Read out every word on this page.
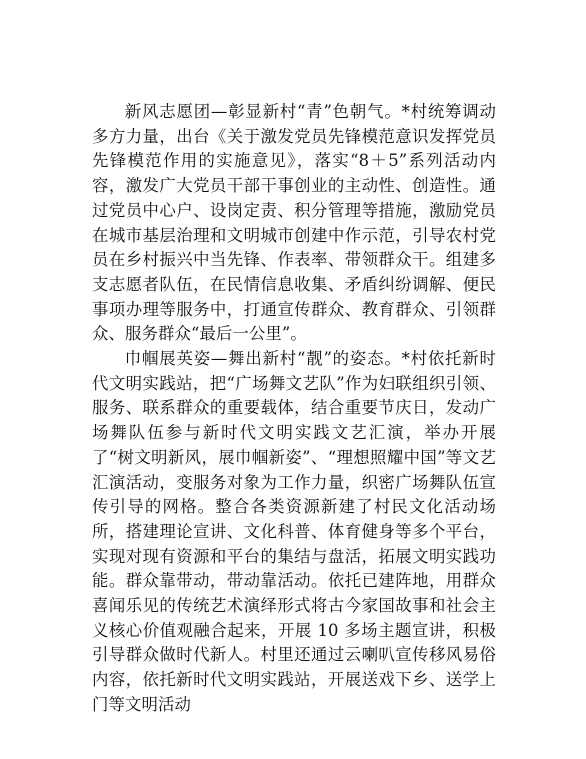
新风志愿团—彰显新村“青”色朝气。*村统筹调动多方力量，出台《关于激发党员先锋模范意识发挥党员先锋模范作用的实施意见》，落实“8＋5”系列活动内容，激发广大党员干部干事创业的主动性、创造性。通过党员中心户、设岗定责、积分管理等措施，激励党员在城市基层治理和文明城市创建中作示范，引导农村党员在乡村振兴中当先锋、作表率、带领群众干。组建多支志愿者队伍，在民情信息收集、矛盾纠纷调解、便民事项办理等服务中，打通宣传群众、教育群众、引领群众、服务群众“最后一公里”。

巾帼展英姿—舞出新村“靓”的姿态。*村依托新时代文明实践站，把“广场舞文艺队”作为妇联组织引领、服务、联系群众的重要载体，结合重要节庆日，发动广场舞队伍参与新时代文明实践文艺汇演，举办开展了“树文明新风，展巾帼新姿”、“理想照耀中国”等文艺汇演活动，变服务对象为工作力量，织密广场舞队伍宣传引导的网格。整合各类资源新建了村民文化活动场所，搭建理论宣讲、文化科普、体育健身等多个平台，实现对现有资源和平台的集结与盘活，拓展文明实践功能。群众靠带动，带动靠活动。依托已建阵地，用群众喜闻乐见的传统艺术演绎形式将古今家国故事和社会主义核心价值观融合起来，开展 10 多场主题宣讲，积极引导群众做时代新人。村里还通过云喇叭宣传移风易俗内容，依托新时代文明实践站，开展送戏下乡、送学上门等文明活动
